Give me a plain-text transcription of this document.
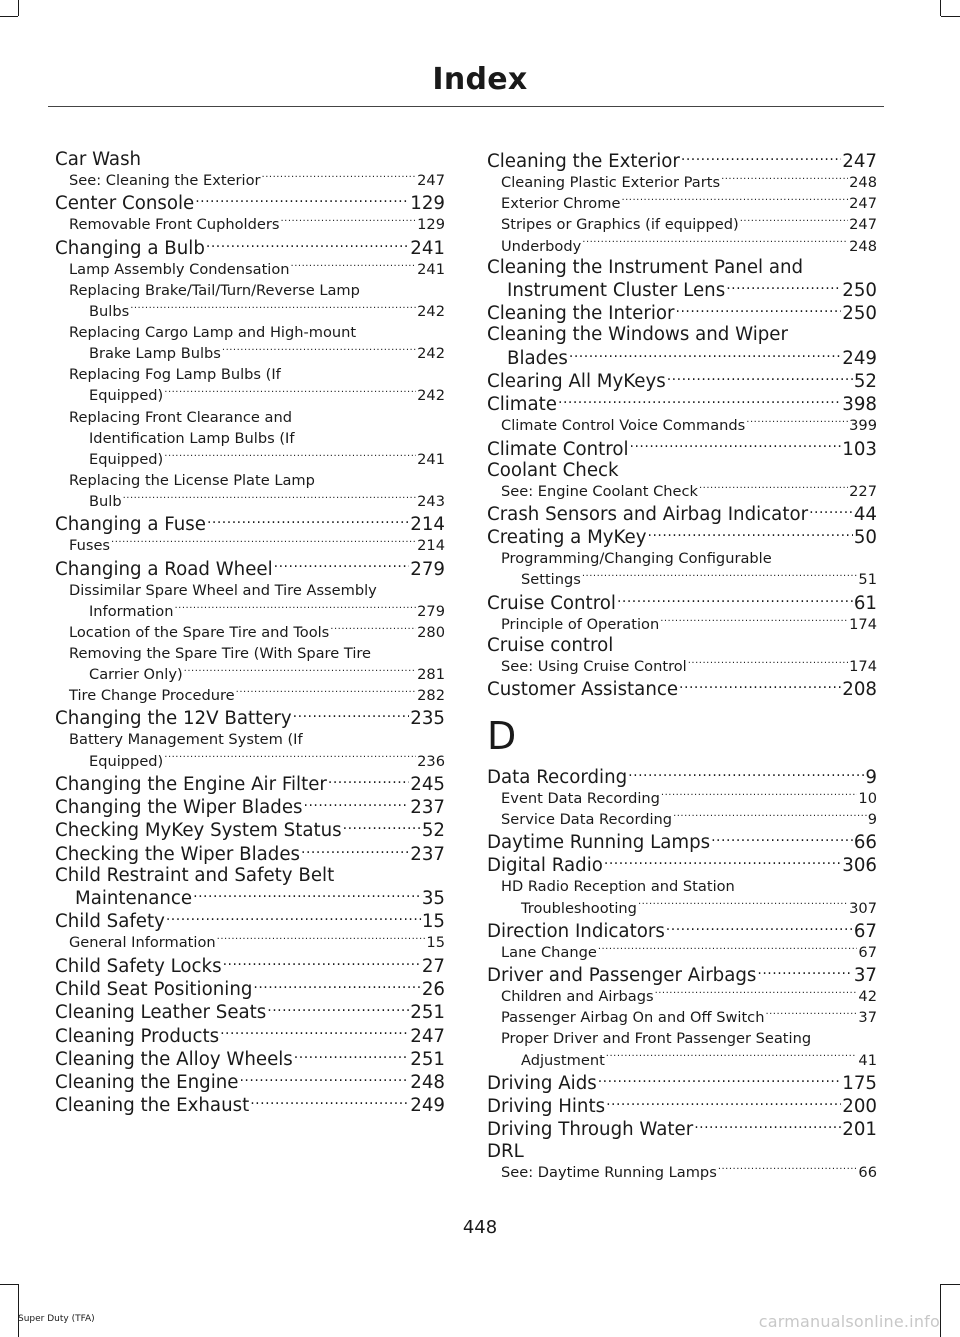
Index
Car Wash
See: Cleaning the Exterior .....	247
Center Console .....	129
Removable Front Cupholders .....	129
Changing a Bulb .....	241
Lamp Assembly Condensation .....	241
Replacing Brake/Tail/Turn/Reverse Lamp
Bulbs .....	242
Replacing Cargo Lamp and High-mount
Brake Lamp Bulbs .....	242
Replacing Fog Lamp Bulbs (If
Equipped) .....	242
Replacing Front Clearance and
Identification Lamp Bulbs (If
Equipped) .....	241
Replacing the License Plate Lamp
Bulb .....	243
Changing a Fuse .....	214
Fuses .....	214
Changing a Road Wheel .....	279
Dissimilar Spare Wheel and Tire Assembly
Information .....	279
Location of the Spare Tire and Tools .....	280
Removing the Spare Tire (With Spare Tire
Carrier Only) .....	281
Tire Change Procedure .....	282
Changing the 12V Battery .....	235
Battery Management System (If
Equipped) .....	236
Changing the Engine Air Filter .....	245
Changing the Wiper Blades .....	237
Checking MyKey System Status .....	52
Checking the Wiper Blades .....	237
Child Restraint and Safety Belt
Maintenance .....	35
Child Safety .....	15
General Information .....	15
Child Safety Locks .....	27
Child Seat Positioning .....	26
Cleaning Leather Seats .....	251
Cleaning Products .....	247
Cleaning the Alloy Wheels .....	251
Cleaning the Engine .....	248
Cleaning the Exhaust .....	249
Cleaning the Exterior .....	247
Cleaning Plastic Exterior Parts .....	248
Exterior Chrome .....	247
Stripes or Graphics (if equipped) .....	247
Underbody .....	248
Cleaning the Instrument Panel and
Instrument Cluster Lens .....	250
Cleaning the Interior .....	250
Cleaning the Windows and Wiper
Blades .....	249
Clearing All MyKeys .....	52
Climate .....	398
Climate Control Voice Commands .....	399
Climate Control .....	103
Coolant Check
See: Engine Coolant Check .....	227
Crash Sensors and Airbag Indicator .....	44
Creating a MyKey .....	50
Programming/Changing Configurable
Settings .....	51
Cruise Control .....	61
Principle of Operation .....	174
Cruise control
See: Using Cruise Control .....	174
Customer Assistance .....	208
D
Data Recording .....	9
Event Data Recording .....	10
Service Data Recording .....	9
Daytime Running Lamps .....	66
Digital Radio .....	306
HD Radio Reception and Station
Troubleshooting .....	307
Direction Indicators .....	67
Lane Change .....	67
Driver and Passenger Airbags .....	37
Children and Airbags .....	42
Passenger Airbag On and Off Switch .....	37
Proper Driver and Front Passenger Seating
Adjustment .....	41
Driving Aids .....	175
Driving Hints .....	200
Driving Through Water .....	201
DRL
See: Daytime Running Lamps .....	66
448
Super Duty (TFA)	carmanualsonline.info
